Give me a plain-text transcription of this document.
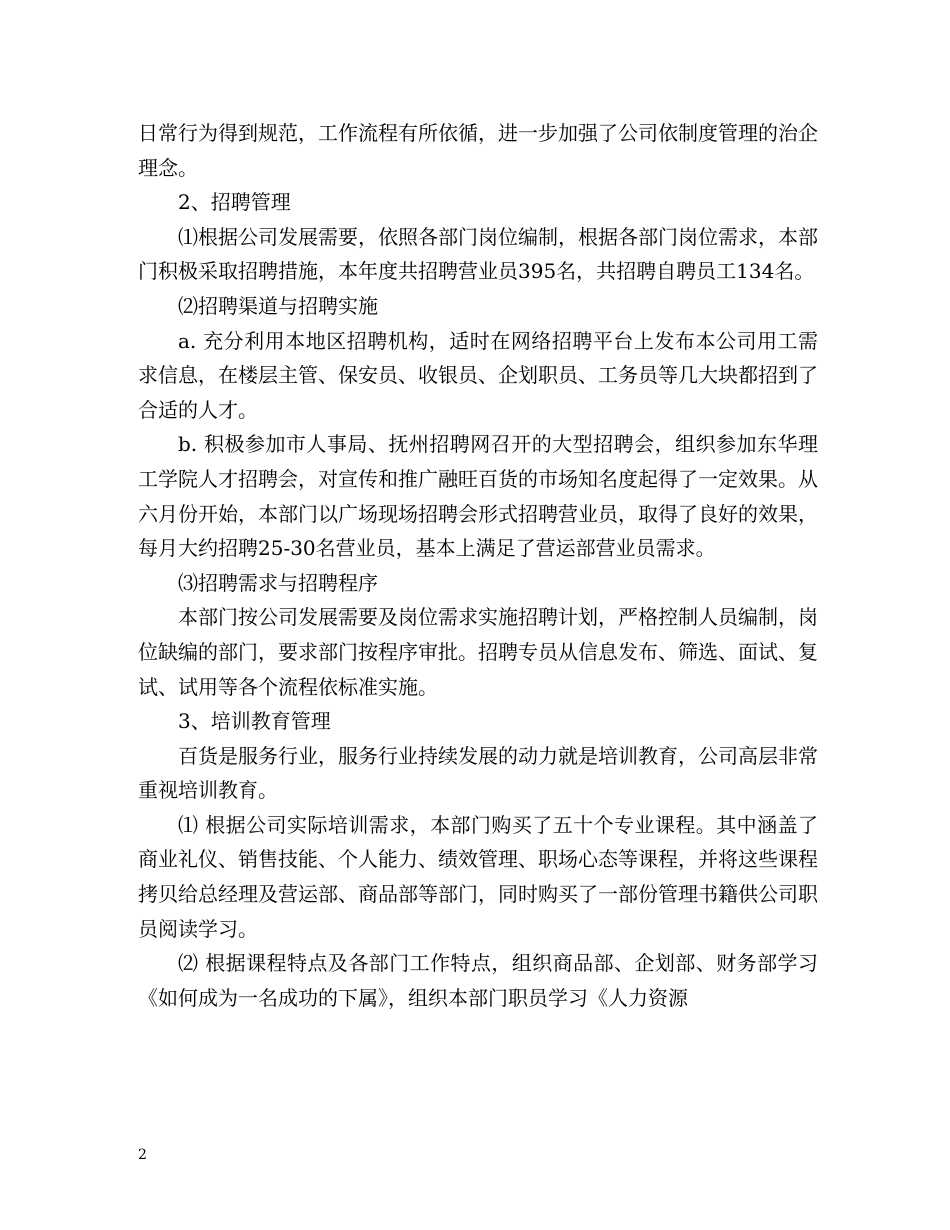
日常行为得到规范，工作流程有所依循，进一步加强了公司依制度管理的治企理念。

2、招聘管理

⑴根据公司发展需要，依照各部门岗位编制，根据各部门岗位需求，本部门积极采取招聘措施，本年度共招聘营业员395名，共招聘自聘员工134名。

⑵招聘渠道与招聘实施

a. 充分利用本地区招聘机构，适时在网络招聘平台上发布本公司用工需求信息，在楼层主管、保安员、收银员、企划职员、工务员等几大块都招到了合适的人才。

b. 积极参加市人事局、抚州招聘网召开的大型招聘会，组织参加东华理工学院人才招聘会，对宣传和推广融旺百货的市场知名度起得了一定效果。从六月份开始，本部门以广场现场招聘会形式招聘营业员，取得了良好的效果，每月大约招聘25-30名营业员，基本上满足了营运部营业员需求。

⑶招聘需求与招聘程序

本部门按公司发展需要及岗位需求实施招聘计划，严格控制人员编制，岗位缺编的部门，要求部门按程序审批。招聘专员从信息发布、筛选、面试、复试、试用等各个流程依标准实施。

3、培训教育管理

百货是服务行业，服务行业持续发展的动力就是培训教育，公司高层非常重视培训教育。

⑴ 根据公司实际培训需求，本部门购买了五十个专业课程。其中涵盖了商业礼仪、销售技能、个人能力、绩效管理、职场心态等课程，并将这些课程拷贝给总经理及营运部、商品部等部门，同时购买了一部份管理书籍供公司职员阅读学习。

⑵ 根据课程特点及各部门工作特点，组织商品部、企划部、财务部学习《如何成为一名成功的下属》，组织本部门职员学习《人力资源

2
